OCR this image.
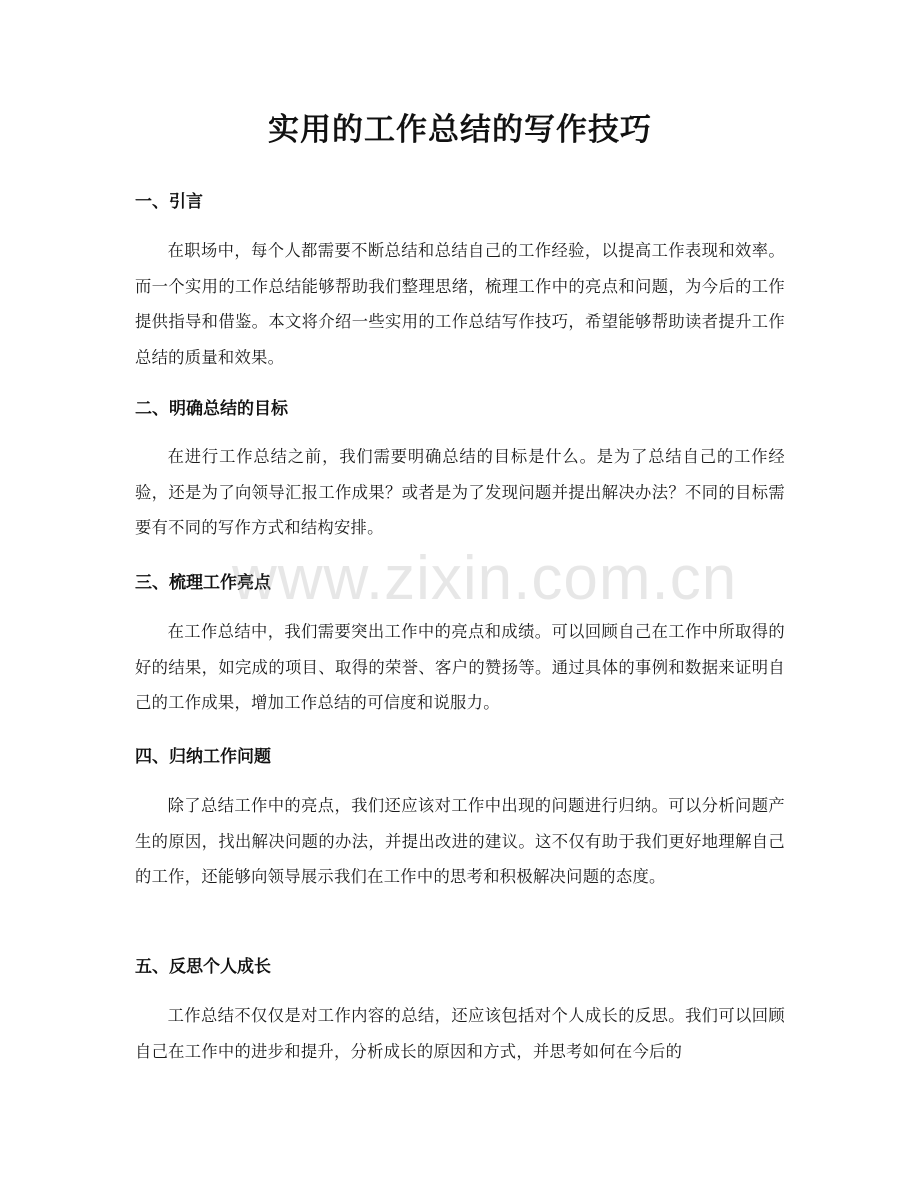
实用的工作总结的写作技巧
一、引言

在职场中，每个人都需要不断总结和总结自己的工作经验，以提高工作表现和效率。而一个实用的工作总结能够帮助我们整理思绪，梳理工作中的亮点和问题，为今后的工作提供指导和借鉴。本文将介绍一些实用的工作总结写作技巧，希望能够帮助读者提升工作总结的质量和效果。

二、明确总结的目标

在进行工作总结之前，我们需要明确总结的目标是什么。是为了总结自己的工作经验，还是为了向领导汇报工作成果？或者是为了发现问题并提出解决办法？不同的目标需要有不同的写作方式和结构安排。

三、梳理工作亮点

在工作总结中，我们需要突出工作中的亮点和成绩。可以回顾自己在工作中所取得的好的结果，如完成的项目、取得的荣誉、客户的赞扬等。通过具体的事例和数据来证明自己的工作成果，增加工作总结的可信度和说服力。

四、归纳工作问题

除了总结工作中的亮点，我们还应该对工作中出现的问题进行归纳。可以分析问题产生的原因，找出解决问题的办法，并提出改进的建议。这不仅有助于我们更好地理解自己的工作，还能够向领导展示我们在工作中的思考和积极解决问题的态度。

五、反思个人成长

工作总结不仅仅是对工作内容的总结，还应该包括对个人成长的反思。我们可以回顾自己在工作中的进步和提升，分析成长的原因和方式，并思考如何在今后的

www.zixin.com.cn
